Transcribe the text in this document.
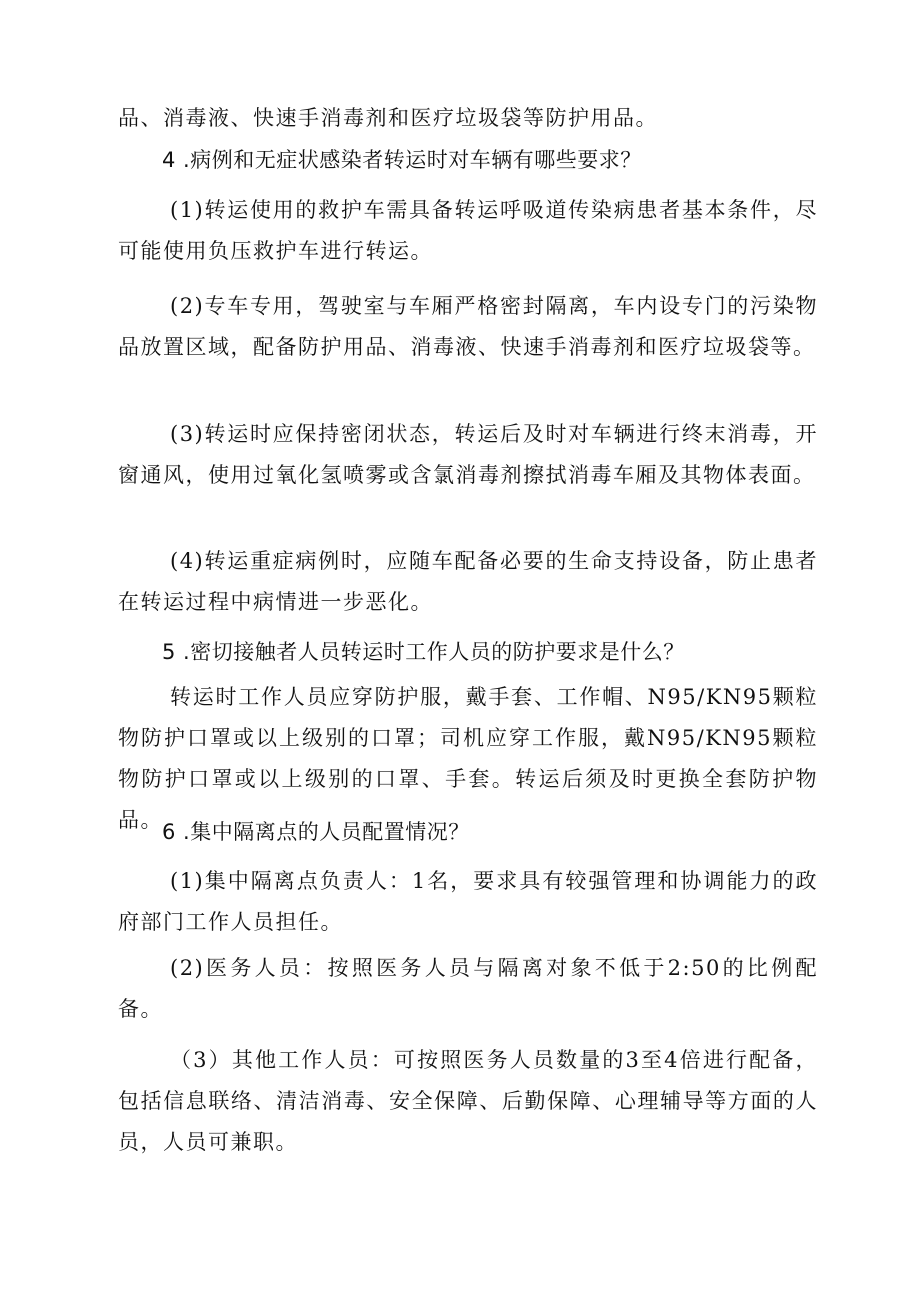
品、消毒液、快速手消毒剂和医疗垃圾袋等防护用品。

4 .病例和无症状感染者转运时对车辆有哪些要求？

(1)转运使用的救护车需具备转运呼吸道传染病患者基本条件，尽可能使用负压救护车进行转运。

(2)专车专用，驾驶室与车厢严格密封隔离，车内设专门的污染物品放置区域，配备防护用品、消毒液、快速手消毒剂和医疗垃圾袋等。

(3)转运时应保持密闭状态，转运后及时对车辆进行终末消毒，开窗通风，使用过氧化氢喷雾或含氯消毒剂擦拭消毒车厢及其物体表面。

(4)转运重症病例时，应随车配备必要的生命支持设备，防止患者在转运过程中病情进一步恶化。

5 .密切接触者人员转运时工作人员的防护要求是什么？

转运时工作人员应穿防护服，戴手套、工作帽、N95/KN95颗粒物防护口罩或以上级别的口罩；司机应穿工作服，戴N95/KN95颗粒物防护口罩或以上级别的口罩、手套。转运后须及时更换全套防护物品。 6 .集中隔离点的人员配置情况？

(1)集中隔离点负责人：1名，要求具有较强管理和协调能力的政府部门工作人员担任。

(2)医务人员：按照医务人员与隔离对象不低于2:50的比例配备。

（3）其他工作人员：可按照医务人员数量的3至4倍进行配备，包括信息联络、清洁消毒、安全保障、后勤保障、心理辅导等方面的人员，人员可兼职。
